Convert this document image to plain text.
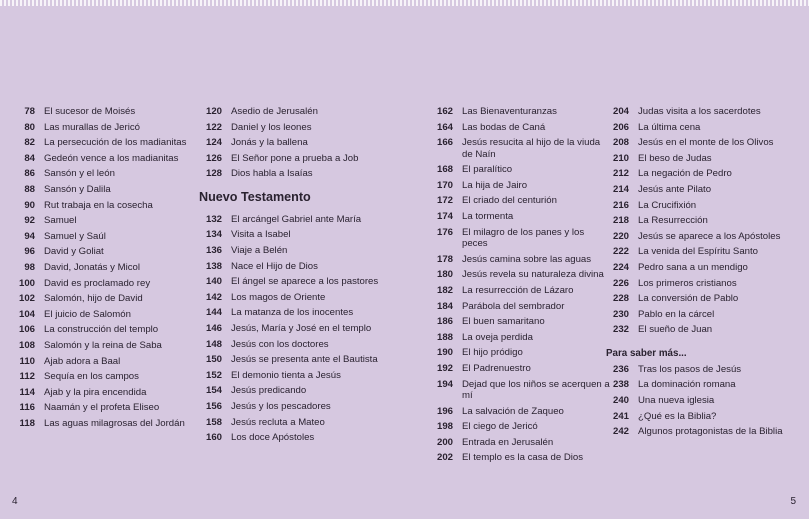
78 El sucesor de Moisés
80 Las murallas de Jericó
82 La persecución de los madianitas
84 Gedeón vence a los madianitas
86 Sansón y el león
88 Sansón y Dalila
90 Rut trabaja en la cosecha
92 Samuel
94 Samuel y Saúl
96 David y Goliat
98 David, Jonatás y Micol
100 David es proclamado rey
102 Salomón, hijo de David
104 El juicio de Salomón
106 La construcción del templo
108 Salomón y la reina de Saba
110 Ajab adora a Baal
112 Sequía en los campos
114 Ajab y la pira encendida
116 Naamán y el profeta Eliseo
118 Las aguas milagrosas del Jordán
120 Asedio de Jerusalén
122 Daniel y los leones
124 Jonás y la ballena
126 El Señor pone a prueba a Job
128 Dios habla a Isaías
Nuevo Testamento
132 El arcángel Gabriel ante María
134 Visita a Isabel
136 Viaje a Belén
138 Nace el Hijo de Dios
140 El ángel se aparece a los pastores
142 Los magos de Oriente
144 La matanza de los inocentes
146 Jesús, María y José en el templo
148 Jesús con los doctores
150 Jesús se presenta ante el Bautista
152 El demonio tienta a Jesús
154 Jesús predicando
156 Jesús y los pescadores
158 Jesús recluta a Mateo
160 Los doce Apóstoles
162 Las Bienaventuranzas
164 Las bodas de Caná
166 Jesús resucita al hijo de la viuda de Naín
168 El paralítico
170 La hija de Jairo
172 El criado del centurión
174 La tormenta
176 El milagro de los panes y los peces
178 Jesús camina sobre las aguas
180 Jesús revela su naturaleza divina
182 La resurrección de Lázaro
184 Parábola del sembrador
186 El buen samaritano
188 La oveja perdida
190 El hijo pródigo
192 El Padrenuestro
194 Dejad que los niños se acerquen a mí
196 La salvación de Zaqueo
198 El ciego de Jericó
200 Entrada en Jerusalén
202 El templo es la casa de Dios
204 Judas visita a los sacerdotes
206 La última cena
208 Jesús en el monte de los Olivos
210 El beso de Judas
212 La negación de Pedro
214 Jesús ante Pilato
216 La Crucifixión
218 La Resurrección
220 Jesús se aparece a los Apóstoles
222 La venida del Espíritu Santo
224 Pedro sana a un mendigo
226 Los primeros cristianos
228 La conversión de Pablo
230 Pablo en la cárcel
232 El sueño de Juan
Para saber más...
236 Tras los pasos de Jesús
238 La dominación romana
240 Una nueva iglesia
241 ¿Qué es la Biblia?
242 Algunos protagonistas de la Biblia
4	5
